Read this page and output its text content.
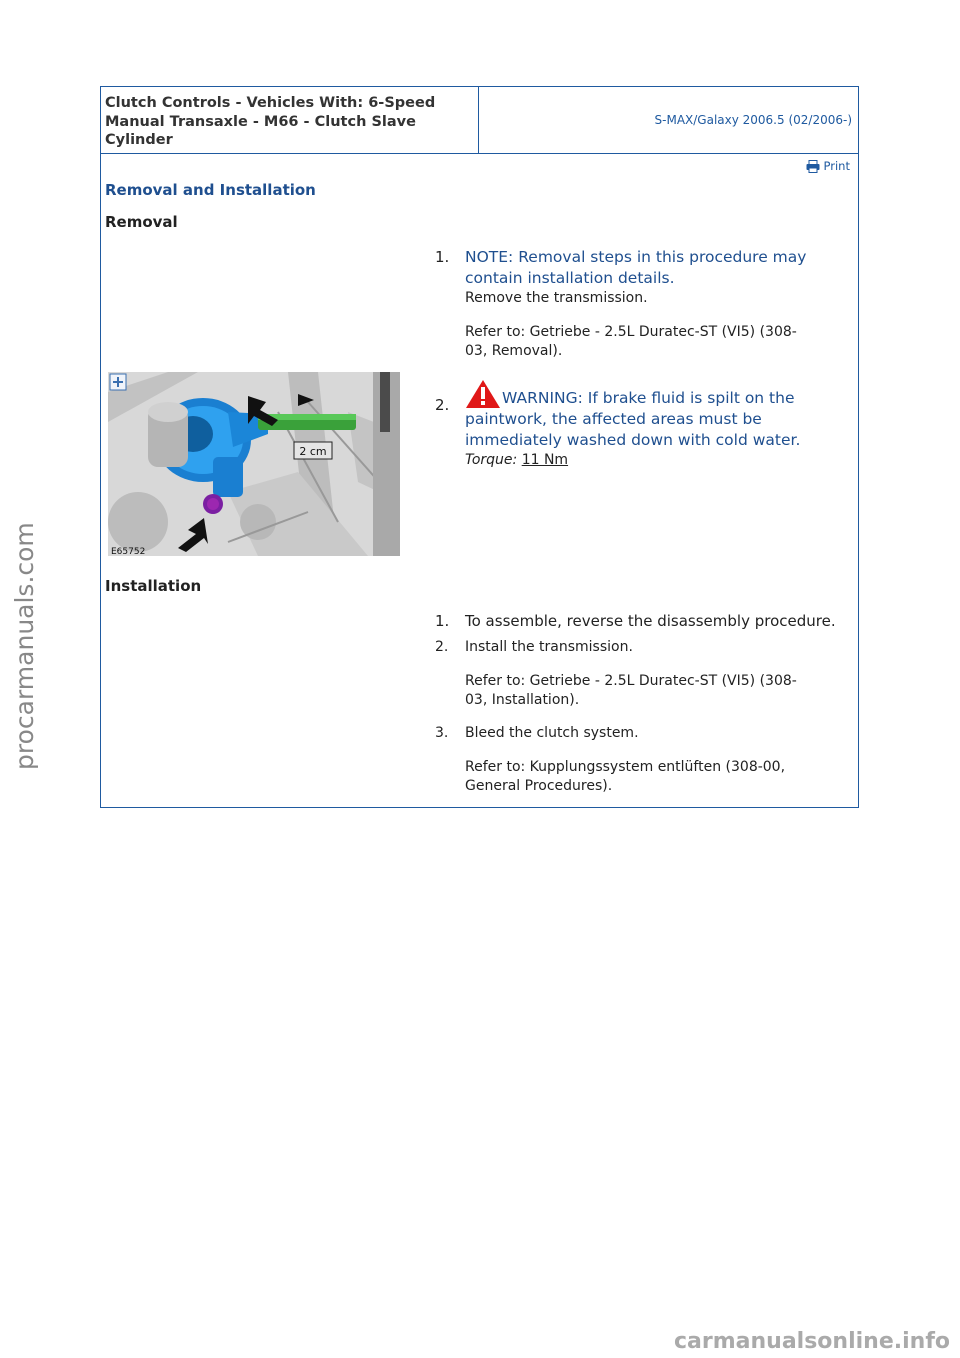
Clutch Controls - Vehicles With: 6-Speed
Manual Transaxle - M66 - Clutch Slave
Cylinder
S-MAX/Galaxy 2006.5 (02/2006-)
Print
Removal and Installation
Removal
1.	NOTE: Removal steps in this procedure may
contain installation details.
Remove the transmission.
Refer to: Getriebe - 2.5L Duratec-ST (VI5) (308-
03, Removal).
2 cm
E65752
2.	WARNING: If brake fluid is spilt on the
paintwork, the affected areas must be
immediately washed down with cold water.
Torque: 11 Nm
Installation
1.	To assemble, reverse the disassembly procedure.
2.	Install the transmission.
Refer to: Getriebe - 2.5L Duratec-ST (VI5) (308-
03, Installation).
3.	Bleed the clutch system.
Refer to: Kupplungssystem entlüften (308-00,
General Procedures).
procarmanuals.com
carmanualsonline.info
